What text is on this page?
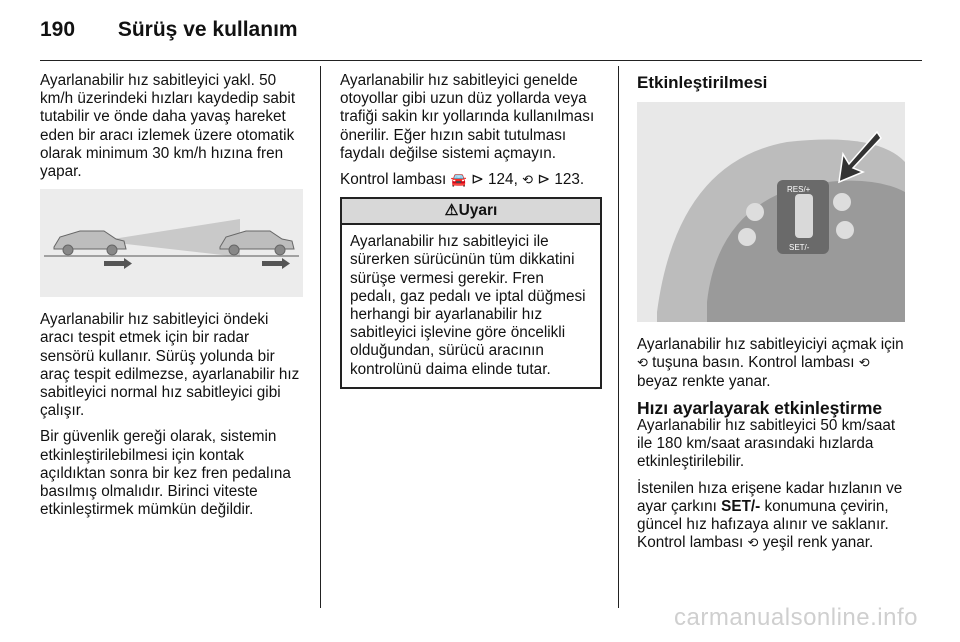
190 Sürüş ve kullanım

Ayarlanabilir hız sabitleyici yakl. 50 km/h üzerindeki hızları kaydedip sabit tutabilir ve önde daha yavaş hareket eden bir aracı izlemek üzere otomatik olarak minimum 30 km/h hızına fren yapar.

Ayarlanabilir hız sabitleyici öndeki aracı tespit etmek için bir radar sensörü kullanır. Sürüş yolunda bir araç tespit edilmezse, ayarlanabilir hız sabitleyici normal hız sabitleyici gibi çalışır.

Bir güvenlik gereği olarak, sistemin etkinleştirilebilmesi için kontak açıldıktan sonra bir kez fren pedalına basılmış olmalıdır. Birinci viteste etkinleştirmek mümkün değildir.

Ayarlanabilir hız sabitleyici genelde otoyollar gibi uzun düz yollarda veya trafiği sakin kır yollarında kullanılması önerilir. Eğer hızın sabit tutulması faydalı değilse sistemi açmayın.

Kontrol lambası 🚘 ⊳ 124, ⟲ ⊳ 123.

⚠Uyarı
Ayarlanabilir hız sabitleyici ile sürerken sürücünün tüm dikkatini sürüşe vermesi gerekir. Fren pedalı, gaz pedalı ve iptal düğmesi herhangi bir ayarlanabilir hız sabitleyici işlevine göre öncelikli olduğundan, sürücü aracının kontrolünü daima elinde tutar.
Etkinleştirilmesi
RES/+
SET/-

Ayarlanabilir hız sabitleyiciyi açmak için ⟲ tuşuna basın. Kontrol lambası ⟲ beyaz renkte yanar.

Hızı ayarlayarak etkinleştirme

Ayarlanabilir hız sabitleyici 50 km/saat ile 180 km/saat arasındaki hızlarda etkinleştirilebilir.

İstenilen hıza erişene kadar hızlanın ve ayar çarkını SET/- konumuna çevirin, güncel hız hafızaya alınır ve saklanır. Kontrol lambası ⟲ yeşil renk yanar.

carmanualsonline.info
